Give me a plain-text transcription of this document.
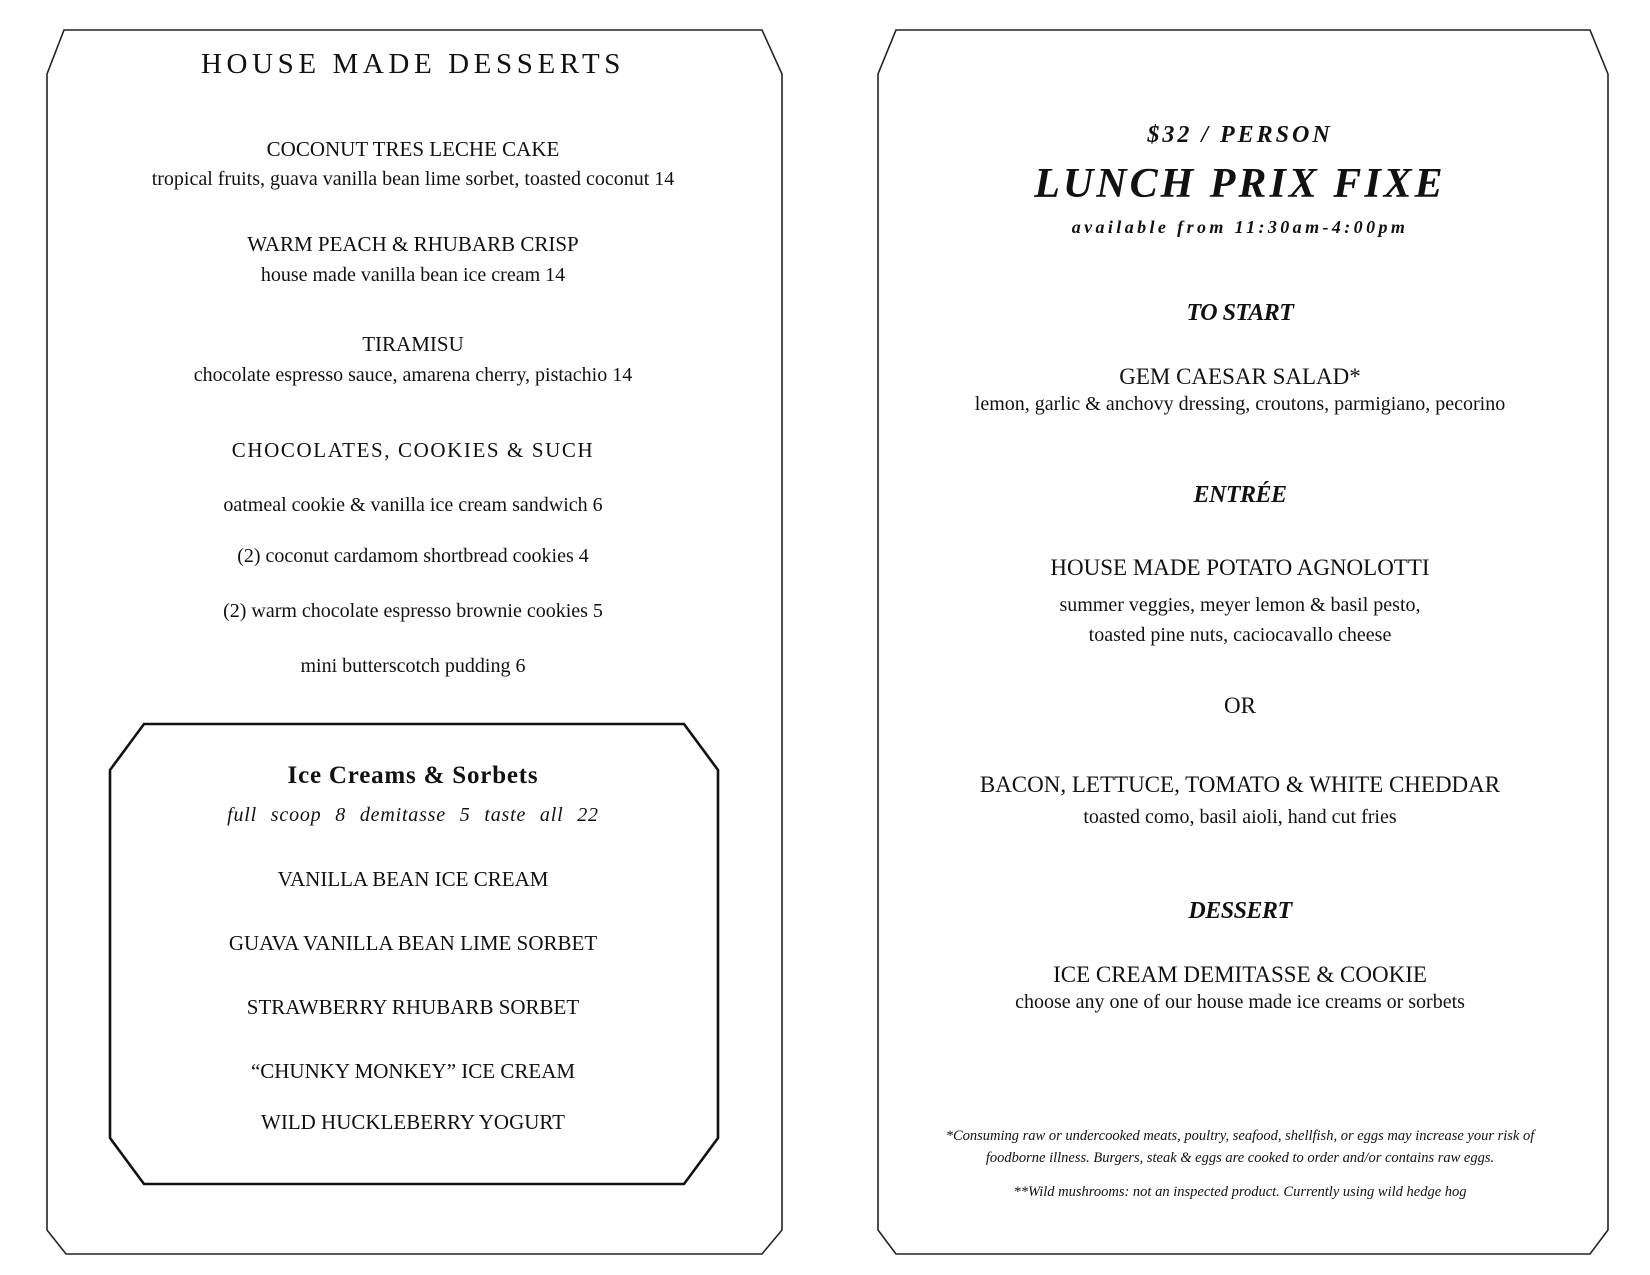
HOUSE MADE DESSERTS
COCONUT TRES LECHE CAKE
tropical fruits, guava vanilla bean lime sorbet, toasted coconut 14
WARM PEACH & RHUBARB CRISP
house made vanilla bean ice cream 14
TIRAMISU
chocolate espresso sauce, amarena cherry, pistachio 14
CHOCOLATES, COOKIES & SUCH
oatmeal cookie & vanilla ice cream sandwich 6
(2) coconut cardamom shortbread cookies 4
(2) warm chocolate espresso brownie cookies 5
mini butterscotch pudding 6
Ice Creams & Sorbets
full scoop 8 demitasse 5 taste all 22
VANILLA BEAN ICE CREAM
GUAVA VANILLA BEAN LIME SORBET
STRAWBERRY RHUBARB SORBET
“CHUNKY MONKEY” ICE CREAM
WILD HUCKLEBERRY YOGURT
$32 / PERSON
LUNCH PRIX FIXE
available from 11:30am-4:00pm
TO START
GEM CAESAR SALAD*
lemon, garlic & anchovy dressing, croutons, parmigiano, pecorino
ENTRÉE
HOUSE MADE POTATO AGNOLOTTI
summer veggies, meyer lemon & basil pesto,
toasted pine nuts, caciocavallo cheese
OR
BACON, LETTUCE, TOMATO & WHITE CHEDDAR
toasted como, basil aioli, hand cut fries
DESSERT
ICE CREAM DEMITASSE & COOKIE
choose any one of our house made ice creams or sorbets
*Consuming raw or undercooked meats, poultry, seafood, shellfish, or eggs may increase your risk of
foodborne illness. Burgers, steak & eggs are cooked to order and/or contains raw eggs.
**Wild mushrooms: not an inspected product. Currently using wild hedge hog
